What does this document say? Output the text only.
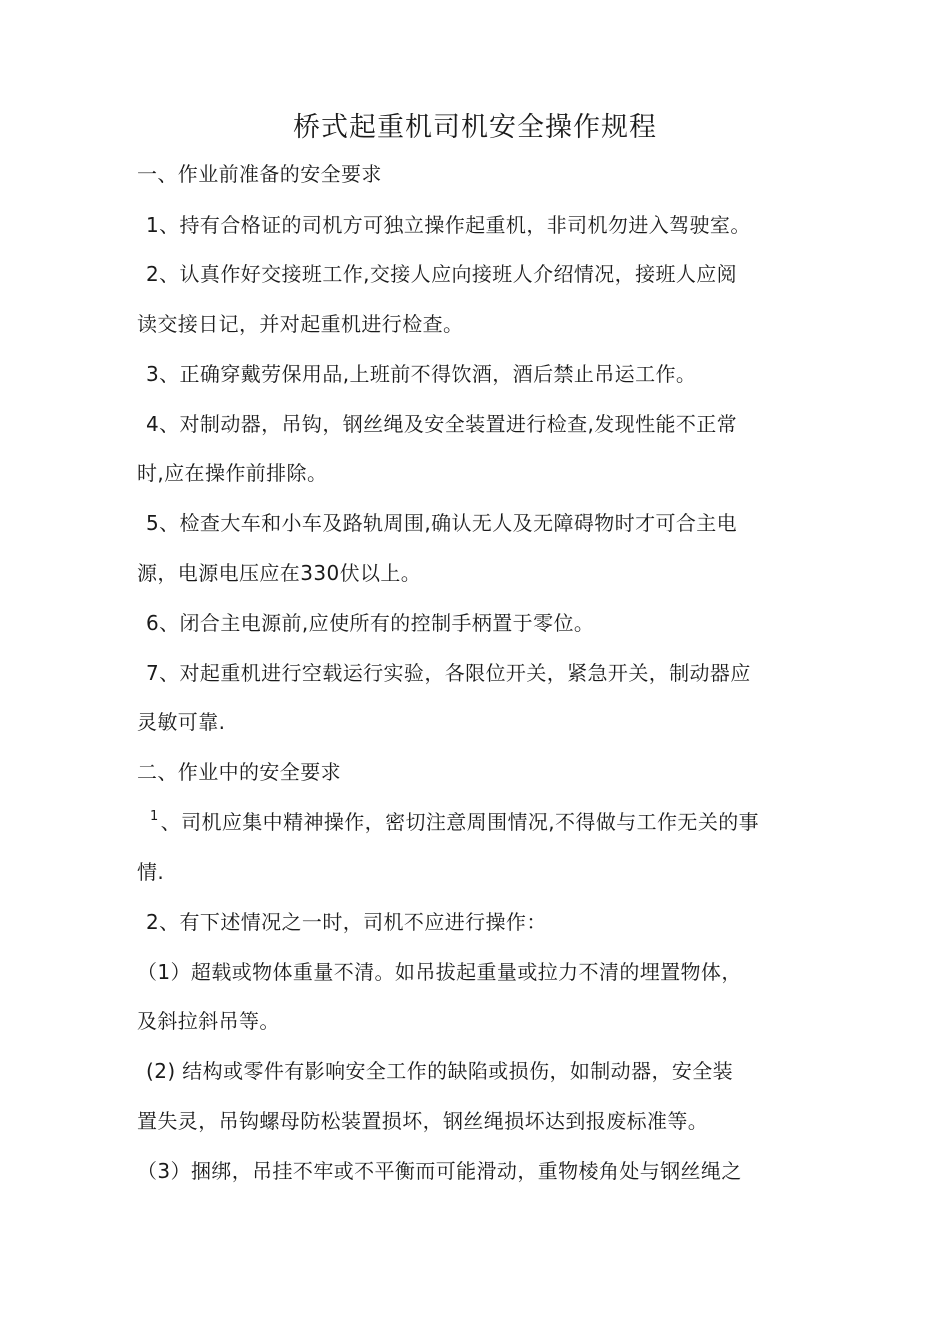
桥式起重机司机安全操作规程
一、作业前准备的安全要求
1、持有合格证的司机方可独立操作起重机，非司机勿进入驾驶室。
2、认真作好交接班工作,交接人应向接班人介绍情况，接班人应阅
读交接日记，并对起重机进行检查。
3、正确穿戴劳保用品,上班前不得饮酒，酒后禁止吊运工作。
4、对制动器，吊钩，钢丝绳及安全装置进行检查,发现性能不正常
时,应在操作前排除。
5、检查大车和小车及路轨周围,确认无人及无障碍物时才可合主电
源，电源电压应在330伏以上。
6、闭合主电源前,应使所有的控制手柄置于零位。
7、对起重机进行空载运行实验，各限位开关，紧急开关，制动器应
灵敏可靠.
二、作业中的安全要求
$^1$ 、司机应集中精神操作，密切注意周围情况,不得做与工作无关的事
情.
2、有下述情况之一时，司机不应进行操作：
（1）超载或物体重量不清。如吊拔起重量或拉力不清的埋置物体，
及斜拉斜吊等。
(2) 结构或零件有影响安全工作的缺陷或损伤，如制动器，安全装
置失灵，吊钩螺母防松装置损坏，钢丝绳损坏达到报废标准等。
（3）捆绑，吊挂不牢或不平衡而可能滑动，重物棱角处与钢丝绳之
